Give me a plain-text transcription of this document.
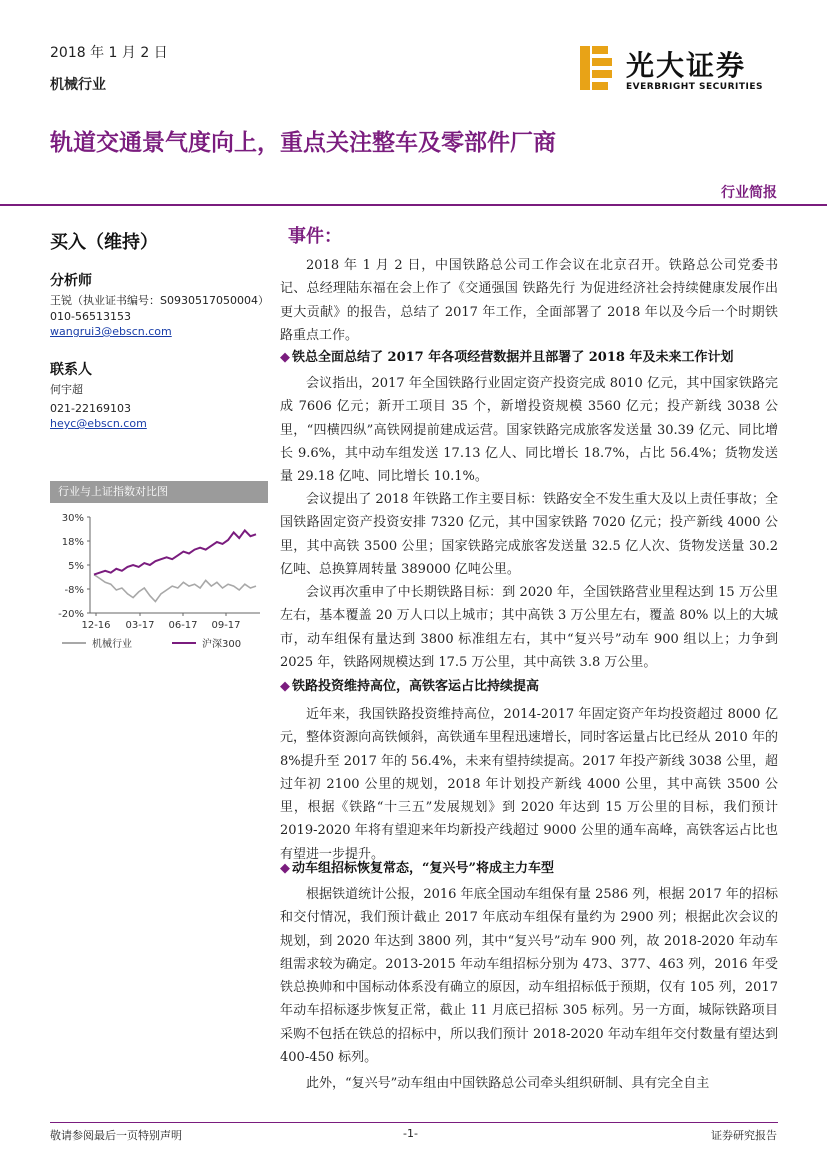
2018 年 1 月 2 日
机械行业
光大证券
EVERBRIGHT SECURITIES
轨道交通景气度向上，重点关注整车及零部件厂商
行业简报
买入（维持）
分析师
王锐（执业证书编号：S0930517050004）
010-56513153
wangrui3@ebscn.com
联系人
何宇超
021-22169103
heyc@ebscn.com
行业与上证指数对比图
30%
18%
5%
-8%
-20%
12-16 03-17 06-17 09-17
机械行业	沪深300
事件：
2018 年 1 月 2 日，中国铁路总公司工作会议在北京召开。铁路总公司党委书记、总经理陆东福在会上作了《交通强国 铁路先行 为促进经济社会持续健康发展作出更大贡献》的报告，总结了 2017 年工作，全面部署了 2018 年以及今后一个时期铁路重点工作。
◆ 铁总全面总结了 2017 年各项经营数据并且部署了 2018 年及未来工作计划
会议指出，2017 年全国铁路行业固定资产投资完成 8010 亿元，其中国家铁路完成 7606 亿元；新开工项目 35 个，新增投资规模 3560 亿元；投产新线 3038 公里，“四横四纵”高铁网提前建成运营。国家铁路完成旅客发送量 30.39 亿元、同比增长 9.6%，其中动车组发送 17.13 亿人、同比增长 18.7%，占比 56.4%；货物发送量 29.18 亿吨、同比增长 10.1%。
会议提出了 2018 年铁路工作主要目标：铁路安全不发生重大及以上责任事故；全国铁路固定资产投资安排 7320 亿元，其中国家铁路 7020 亿元；投产新线 4000 公里，其中高铁 3500 公里；国家铁路完成旅客发送量 32.5 亿人次、货物发送量 30.2 亿吨、总换算周转量 389000 亿吨公里。
会议再次重申了中长期铁路目标：到 2020 年，全国铁路营业里程达到 15 万公里左右，基本覆盖 20 万人口以上城市；其中高铁 3 万公里左右，覆盖 80% 以上的大城市，动车组保有量达到 3800 标准组左右，其中“复兴号”动车 900 组以上；力争到 2025 年，铁路网规模达到 17.5 万公里，其中高铁 3.8 万公里。
◆ 铁路投资维持高位，高铁客运占比持续提高
近年来，我国铁路投资维持高位，2014-2017 年固定资产年均投资超过 8000 亿元，整体资源向高铁倾斜，高铁通车里程迅速增长，同时客运量占比已经从 2010 年的 8%提升至 2017 年的 56.4%，未来有望持续提高。2017 年投产新线 3038 公里，超过年初 2100 公里的规划，2018 年计划投产新线 4000 公里，其中高铁 3500 公里，根据《铁路“十三五”发展规划》到 2020 年达到 15 万公里的目标，我们预计 2019-2020 年将有望迎来年均新投产线超过 9000 公里的通车高峰，高铁客运占比也有望进一步提升。
◆ 动车组招标恢复常态，“复兴号”将成主力车型
根据铁道统计公报，2016 年底全国动车组保有量 2586 列，根据 2017 年的招标和交付情况，我们预计截止 2017 年底动车组保有量约为 2900 列；根据此次会议的规划，到 2020 年达到 3800 列，其中“复兴号”动车 900 列，故 2018-2020 年动车组需求较为确定。2013-2015 年动车组招标分别为 473、377、463 列，2016 年受铁总换帅和中国标动体系没有确立的原因，动车组招标低于预期，仅有 105 列，2017 年动车招标逐步恢复正常，截止 11 月底已招标 305 标列。另一方面，城际铁路项目采购不包括在铁总的招标中，所以我们预计 2018-2020 年动车组年交付数量有望达到 400-450 标列。
此外，“复兴号”动车组由中国铁路总公司牵头组织研制、具有完全自主
敬请参阅最后一页特别声明	-1-	证券研究报告
